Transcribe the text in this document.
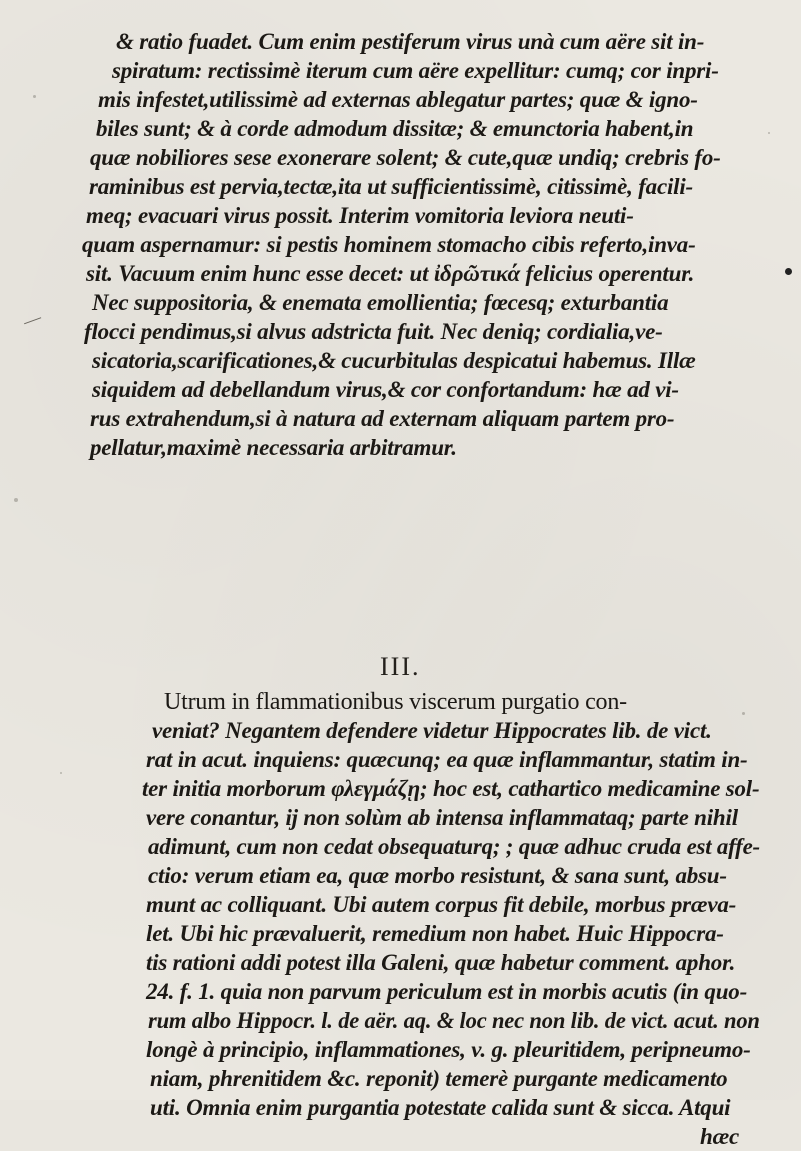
& ratio fuadet. Cum enim pestiferum virus unà cum aëre sit in-
spiratum: rectissimè iterum cum aëre expellitur: cumq; cor inpri-
mis infestet,utilissimè ad externas ablegatur partes; quæ & igno-
biles sunt; & à corde admodum dissitæ; & emunctoria habent,in
quæ nobiliores sese exonerare solent; & cute,quæ undiq; crebris fo-
raminibus est pervia,tectæ,ita ut sufficientissimè, citissimè, facili-
meq; evacuari virus possit. Interim vomitoria leviora neuti-
quam aspernamur: si pestis hominem stomacho cibis referto,inva-
sit. Vacuum enim hunc esse decet: ut ἰδρῶτικά felicius operentur.
Nec suppositoria, & enemata emollientia; fœcesq; exturbantia
flocci pendimus,si alvus adstricta fuit. Nec deniq; cordialia,ve-
sicatoria,scarificationes,& cucurbitulas despicatui habemus. Illæ
siquidem ad debellandum virus,& cor confortandum: hæ ad vi-
rus extrahendum,si à natura ad externam aliquam partem pro-
pellatur,maximè necessaria arbitramur.
III.
Utrum in flammationibus viscerum purgatio con-
veniat? Negantem defendere videtur Hippocrates lib. de vict.
rat in acut. inquiens: quæcunq; ea quæ inflammantur, statim in-
ter initia morborum φλεγμάζῃ; hoc est, cathartico medicamine sol-
vere conantur, ij non solùm ab intensa inflammataq; parte nihil
adimunt, cum non cedat obsequaturq; ; quæ adhuc cruda est affe-
ctio: verum etiam ea, quæ morbo resistunt, & sana sunt, absu-
munt ac colliquant. Ubi autem corpus fit debile, morbus præva-
let. Ubi hic prævaluerit, remedium non habet. Huic Hippocra-
tis rationi addi potest illa Galeni, quæ habetur comment. aphor.
24. f. 1. quia non parvum periculum est in morbis acutis (in quo-
rum albo Hippocr. l. de aër. aq. & loc nec non lib. de vict. acut. non
longè à principio, inflammationes, v. g. pleuritidem, peripneumo-
niam, phrenitidem &c. reponit) temerè purgante medicamento
uti. Omnia enim purgantia potestate calida sunt & sicca. Atqui
hæc
